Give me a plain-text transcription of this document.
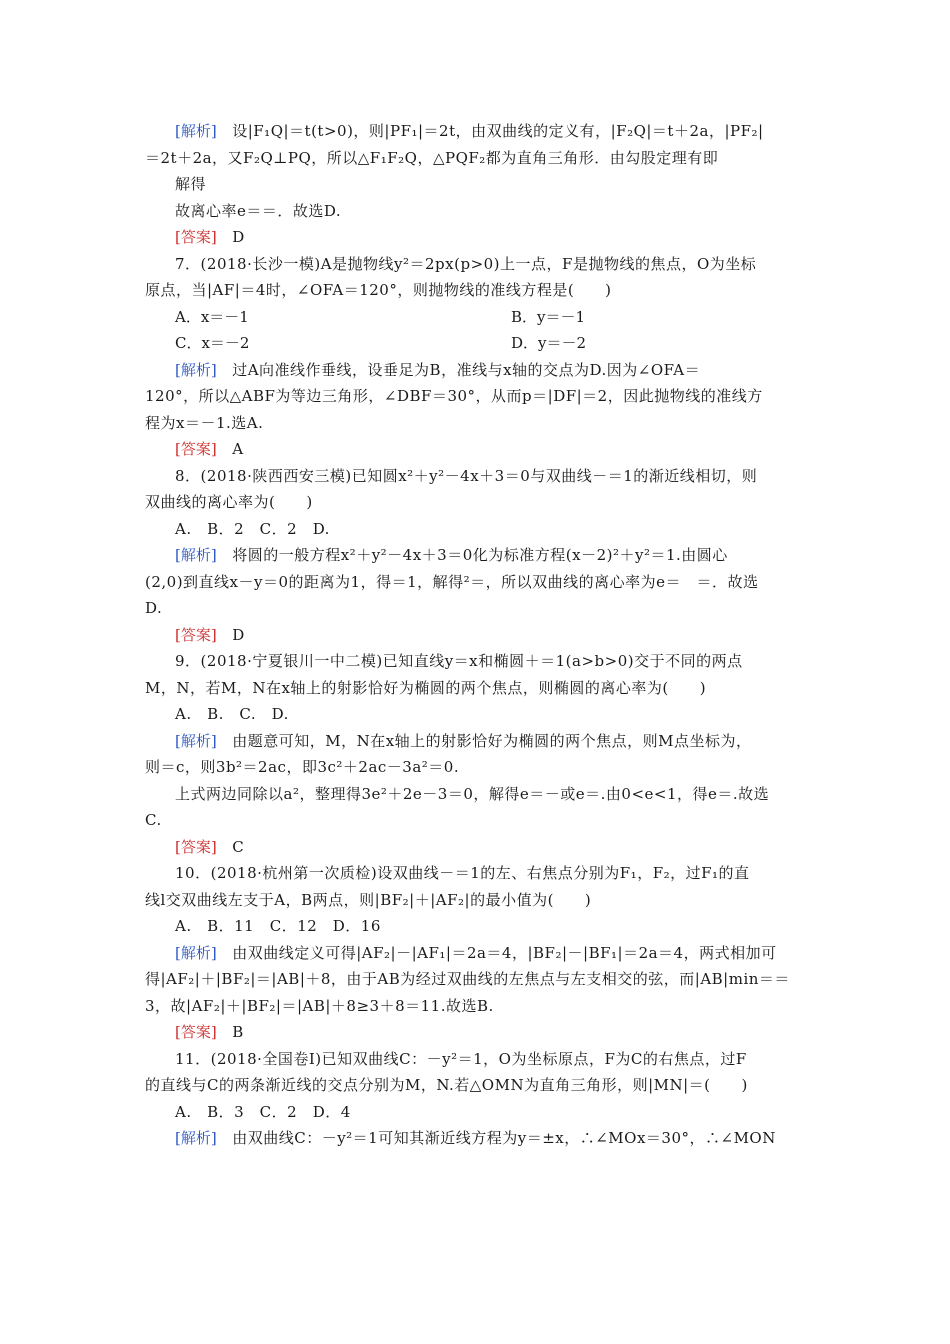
[解析]　设|F₁Q|＝t(t>0)，则|PF₁|＝2t，由双曲线的定义有，|F₂Q|＝t＋2a，|PF₂|
＝2t＋2a，又F₂Q⊥PQ，所以△F₁F₂Q，△PQF₂都为直角三角形．由勾股定理有即
解得
故离心率e＝＝．故选D.
[答案]　D
7．(2018·长沙一模)A是抛物线y²＝2px(p>0)上一点，F是抛物线的焦点，O为坐标
原点，当|AF|＝4时，∠OFA＝120°，则抛物线的准线方程是(　　)
A．x＝－1	B．y＝－1
C．x＝－2	D．y＝－2
[解析]　过A向准线作垂线，设垂足为B，准线与x轴的交点为D.因为∠OFA＝
120°，所以△ABF为等边三角形，∠DBF＝30°，从而p＝|DF|＝2，因此抛物线的准线方
程为x＝－1.选A.
[答案]　A
8．(2018·陕西西安三模)已知圆x²＋y²－4x＋3＝0与双曲线－＝1的渐近线相切，则
双曲线的离心率为(　　)
A.　B．2　C．2　D.
[解析]　将圆的一般方程x²＋y²－4x＋3＝0化为标准方程(x－2)²＋y²＝1.由圆心
(2,0)到直线x－y＝0的距离为1，得＝1，解得²＝，所以双曲线的离心率为e＝　＝．故选
D.
[答案]　D
9．(2018·宁夏银川一中二模)已知直线y＝x和椭圆＋＝1(a>b>0)交于不同的两点
M，N，若M，N在x轴上的射影恰好为椭圆的两个焦点，则椭圆的离心率为(　　)
A.　B.　C.　D.
[解析]　由题意可知，M，N在x轴上的射影恰好为椭圆的两个焦点，则M点坐标为，
则＝c，则3b²＝2ac，即3c²＋2ac－3a²＝0.
上式两边同除以a²，整理得3e²＋2e－3＝0，解得e＝－或e＝.由0<e<1，得e＝.故选
C.
[答案]　C
10．(2018·杭州第一次质检)设双曲线－＝1的左、右焦点分别为F₁，F₂，过F₁的直
线l交双曲线左支于A，B两点，则|BF₂|＋|AF₂|的最小值为(　　)
A.　B．11　C．12　D．16
[解析]　由双曲线定义可得|AF₂|－|AF₁|＝2a＝4，|BF₂|－|BF₁|＝2a＝4，两式相加可
得|AF₂|＋|BF₂|＝|AB|＋8，由于AB为经过双曲线的左焦点与左支相交的弦，而|AB|min＝＝
3，故|AF₂|＋|BF₂|＝|AB|＋8≥3＋8＝11.故选B.
[答案]　B
11．(2018·全国卷Ⅰ)已知双曲线C：－y²＝1，O为坐标原点，F为C的右焦点，过F
的直线与C的两条渐近线的交点分别为M，N.若△OMN为直角三角形，则|MN|＝(　　)
A.　B．3　C．2　D．4
[解析]　由双曲线C：－y²＝1可知其渐近线方程为y＝±x，∴∠MOx＝30°，∴∠MON
